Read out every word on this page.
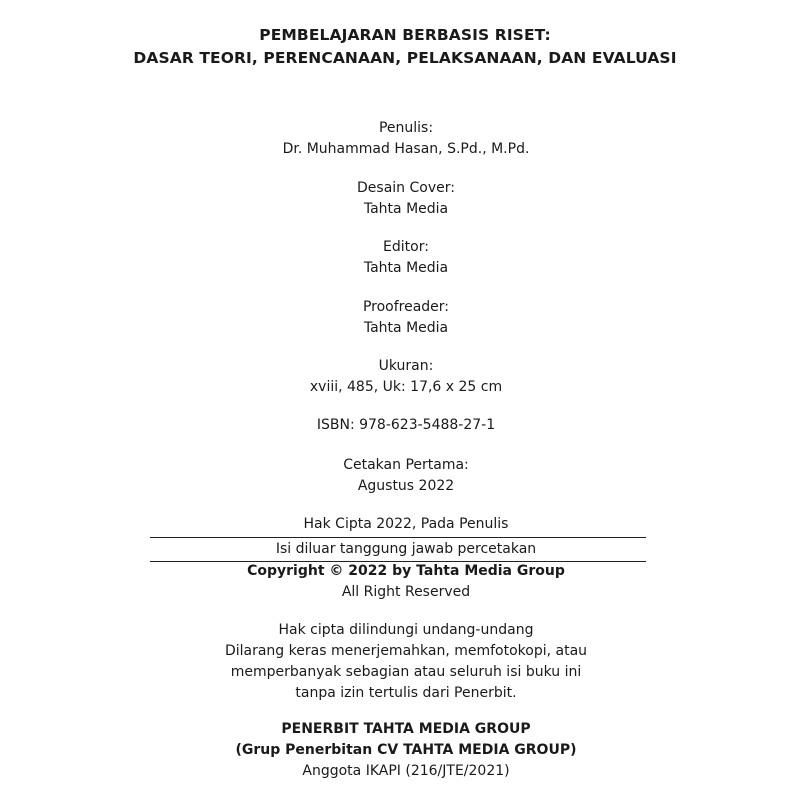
PEMBELAJARAN BERBASIS RISET:
DASAR TEORI, PERENCANAAN, PELAKSANAAN, DAN EVALUASI
Penulis:
Dr. Muhammad Hasan, S.Pd., M.Pd.
Desain Cover:
Tahta Media
Editor:
Tahta Media
Proofreader:
Tahta Media
Ukuran:
xviii, 485, Uk: 17,6 x 25 cm
ISBN: 978-623-5488-27-1
Cetakan Pertama:
Agustus 2022
Hak Cipta 2022, Pada Penulis
Isi diluar tanggung jawab percetakan
Copyright © 2022 by Tahta Media Group
All Right Reserved
Hak cipta dilindungi undang-undang
Dilarang keras menerjemahkan, memfotokopi, atau
memperbanyak sebagian atau seluruh isi buku ini
tanpa izin tertulis dari Penerbit.
PENERBIT TAHTA MEDIA GROUP
(Grup Penerbitan CV TAHTA MEDIA GROUP)
Anggota IKAPI (216/JTE/2021)
